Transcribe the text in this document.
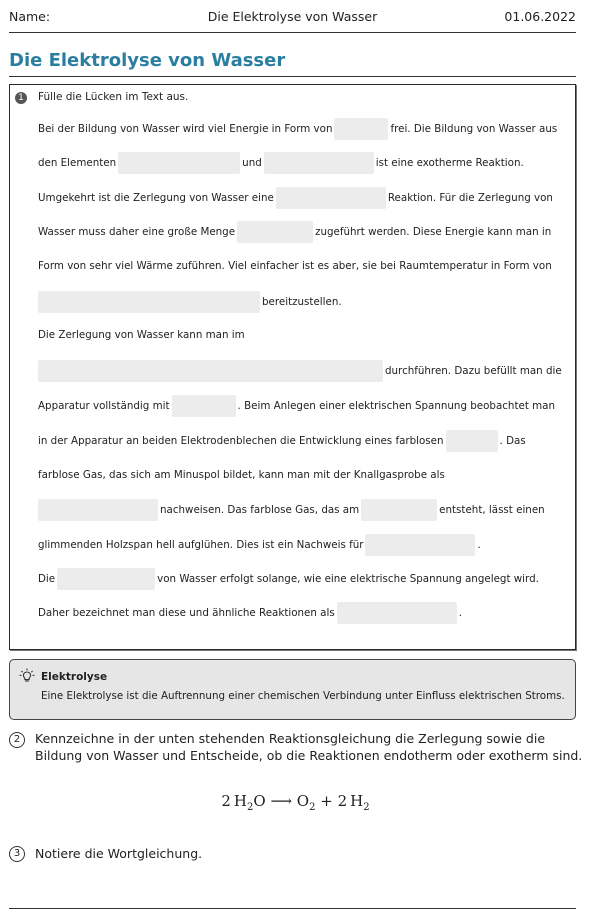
Name:	Die Elektrolyse von Wasser	01.06.2022
Die Elektrolyse von Wasser
1 Fülle die Lücken im Text aus.
Bei der Bildung von Wasser wird viel Energie in Form von	frei. Die Bildung von Wasser aus
den Elementen	und	ist eine exotherme Reaktion.
Umgekehrt ist die Zerlegung von Wasser eine	Reaktion. Für die Zerlegung von
Wasser muss daher eine große Menge	zugeführt werden. Diese Energie kann man in
Form von sehr viel Wärme zuführen. Viel einfacher ist es aber, sie bei Raumtemperatur in Form von
bereitzustellen.
Die Zerlegung von Wasser kann man im
durchführen. Dazu befüllt man die
Apparatur vollständig mit	. Beim Anlegen einer elektrischen Spannung beobachtet man
in der Apparatur an beiden Elektrodenblechen die Entwicklung eines farblosen	. Das
farblose Gas, das sich am Minuspol bildet, kann man mit der Knallgasprobe als
nachweisen. Das farblose Gas, das am	entsteht, lässt einen
glimmenden Holzspan hell aufglühen. Dies ist ein Nachweis für	.
Die	von Wasser erfolgt solange, wie eine elektrische Spannung angelegt wird.
Daher bezeichnet man diese und ähnliche Reaktionen als	.
Elektrolyse
Eine Elektrolyse ist die Auftrennung einer chemischen Verbindung unter Einfluss elektrischen Stroms.
2	Kennzeichne in der unten stehenden Reaktionsgleichung die Zerlegung sowie die
Bildung von Wasser und Entscheide, ob die Reaktionen endotherm oder exotherm sind.
2  $H_2O$ ⟶ $O_2 + 2$  $H_2$
3	Notiere die Wortgleichung.
